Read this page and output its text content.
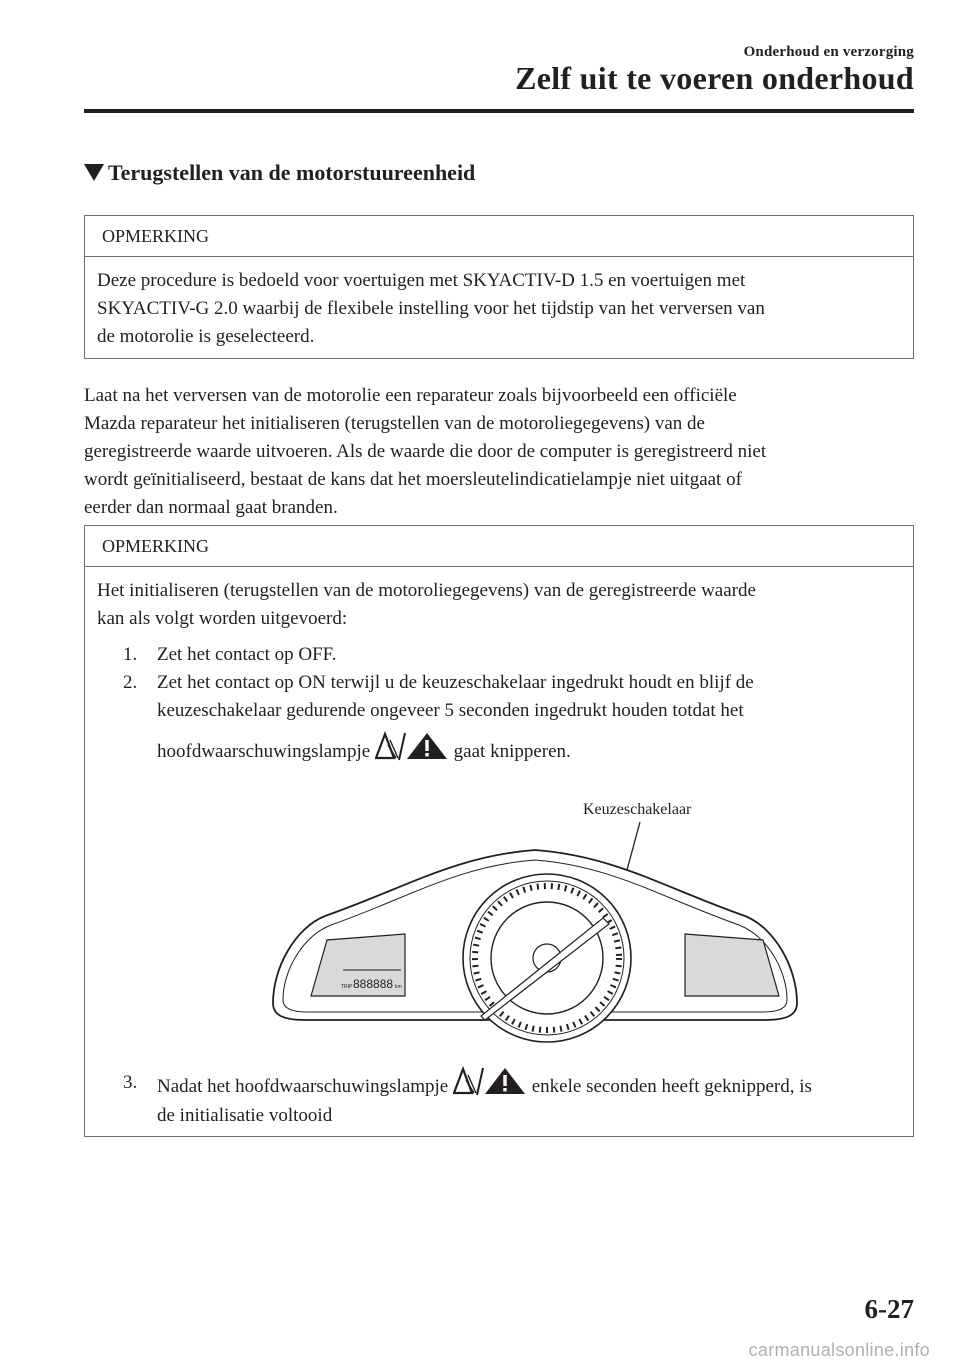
Onderhoud en verzorging
Zelf uit te voeren onderhoud
Terugstellen van de motorstuureenheid
OPMERKING
Deze procedure is bedoeld voor voertuigen met SKYACTIV-D 1.5 en voertuigen met
SKYACTIV-G 2.0 waarbij de flexibele instelling voor het tijdstip van het verversen van
de motorolie is geselecteerd.
Laat na het verversen van de motorolie een reparateur zoals bijvoorbeeld een officiële
Mazda reparateur het initialiseren (terugstellen van de motoroliegegevens) van de
geregistreerde waarde uitvoeren. Als de waarde die door de computer is geregistreerd niet
wordt geïnitialiseerd, bestaat de kans dat het moersleutelindicatielampje niet uitgaat of
eerder dan normaal gaat branden.
OPMERKING
Het initialiseren (terugstellen van de motoroliegegevens) van de geregistreerde waarde
kan als volgt worden uitgevoerd:
1. Zet het contact op OFF.
2. Zet het contact op ON terwijl u de keuzeschakelaar ingedrukt houdt en blijf de
keuzeschakelaar gedurende ongeveer 5 seconden ingedrukt houden totdat het
hoofdwaarschuwingslampje	gaat knipperen.
Keuzeschakelaar
TRIP 888888 km
3. Nadat het hoofdwaarschuwingslampje	enkele seconden heeft geknipperd, is
de initialisatie voltooid
6-27
carmanualsonline.info
